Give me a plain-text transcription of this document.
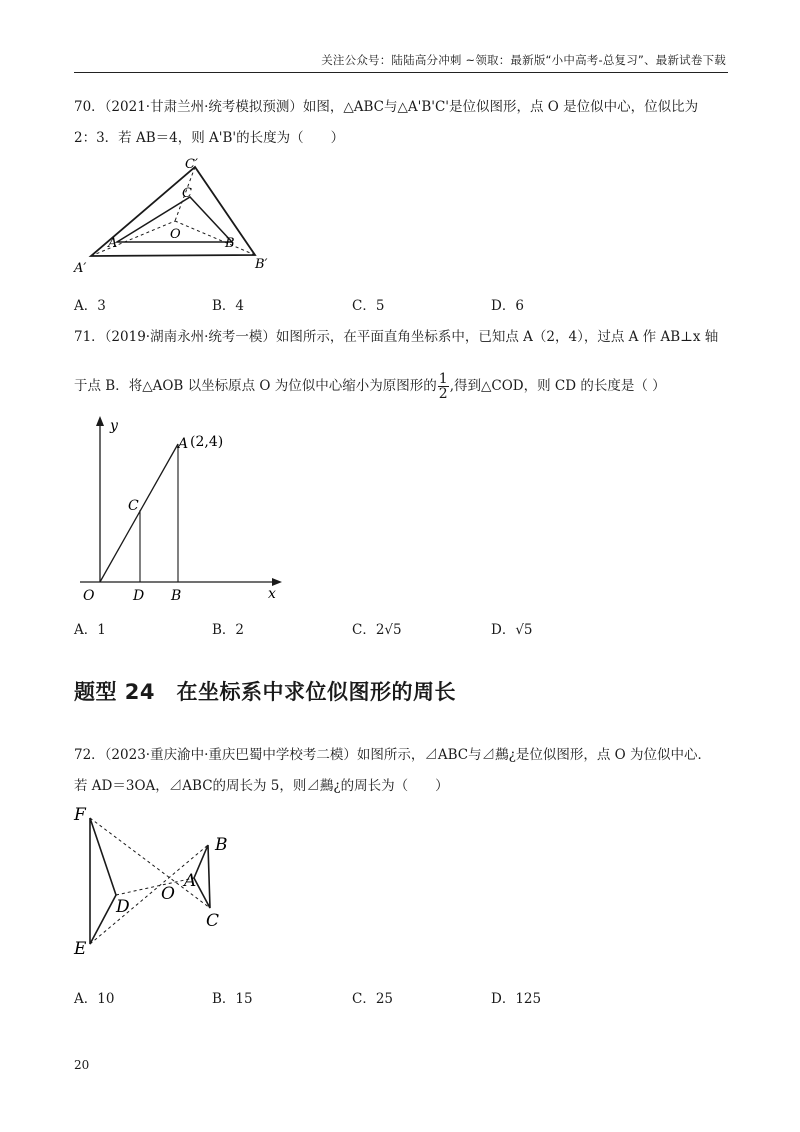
关注公众号：陆陆高分冲刺 ~领取：最新版“小中高考-总复习”、最新试卷下载
70．（2021·甘肃兰州·统考模拟预测）如图，△ABC与△A'B'C'是位似图形，点 O 是位似中心，位似比为
2：3．若 AB＝4，则 A'B'的长度为（　　）
C′
C
O
A	B
A′	B′
A．3	B．4	C．5	D．6
71．（2019·湖南永州·统考一模）如图所示，在平面直角坐标系中，已知点 A（2，4），过点 A 作 AB⊥x 轴
于点 B．将△AOB 以坐标原点 O 为位似中心缩小为原图形的 $\frac{1}{2}$ ,得到△COD，则 CD 的长度是（ ）
y
x
A (2,4)
C
O	D B
A．1	B．2	C．2√5	D．√5
题型 24　在坐标系中求位似图形的周长
72．（2023·重庆渝中·重庆巴蜀中学校考二模）如图所示，⊿ABC与⊿䴏¿是位似图形，点 O 为位似中心．
若 AD＝3OA，⊿ABC的周长为 5，则⊿䴏¿的周长为（　　）
F
B
D
O
A
C
E
A．10	B．15	C．25	D．125
20
